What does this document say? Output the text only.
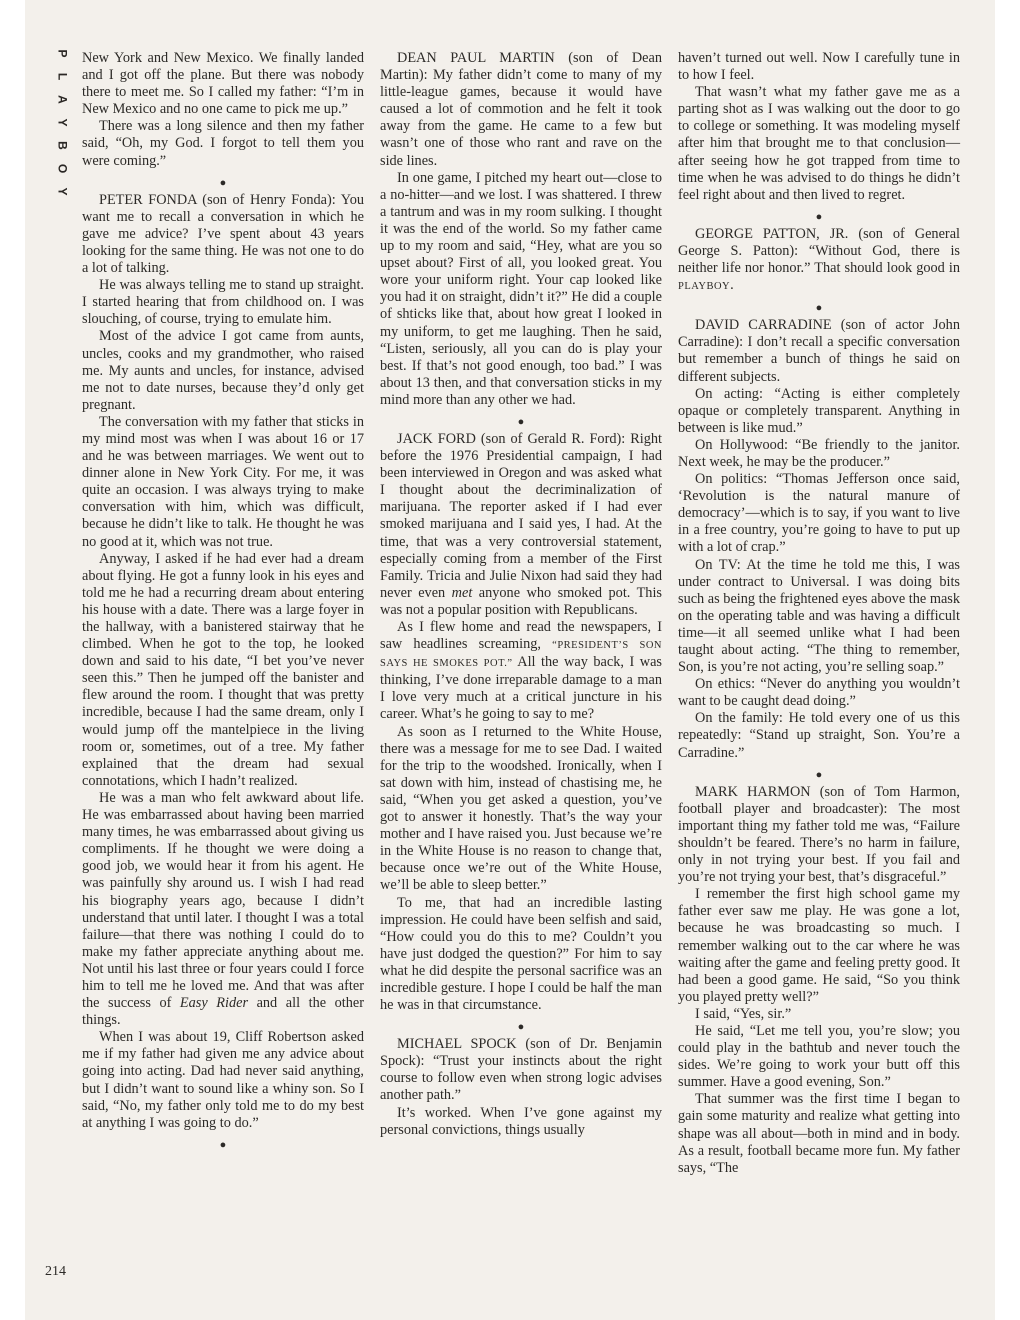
P
L
A
Y
B
O
Y

New York and New Mexico. We finally landed and I got off the plane. But there was nobody there to meet me. So I called my father: “I’m in New Mexico and no one came to pick me up.”

There was a long silence and then my father said, “Oh, my God. I forgot to tell them you were coming.”

●

PETER FONDA (son of Henry Fonda): You want me to recall a conversation in which he gave me advice? I’ve spent about 43 years looking for the same thing. He was not one to do a lot of talking.

He was always telling me to stand up straight. I started hearing that from childhood on. I was slouching, of course, trying to emulate him.

Most of the advice I got came from aunts, uncles, cooks and my grandmother, who raised me. My aunts and uncles, for instance, advised me not to date nurses, because they’d only get pregnant.

The conversation with my father that sticks in my mind most was when I was about 16 or 17 and he was between marriages. We went out to dinner alone in New York City. For me, it was quite an occasion. I was always trying to make conversation with him, which was difficult, because he didn’t like to talk. He thought he was no good at it, which was not true.

Anyway, I asked if he had ever had a dream about flying. He got a funny look in his eyes and told me he had a recurring dream about entering his house with a date. There was a large foyer in the hallway, with a banistered stairway that he climbed. When he got to the top, he looked down and said to his date, “I bet you’ve never seen this.” Then he jumped off the banister and flew around the room. I thought that was pretty incredible, because I had the same dream, only I would jump off the mantelpiece in the living room or, sometimes, out of a tree. My father explained that the dream had sexual connotations, which I hadn’t realized.

He was a man who felt awkward about life. He was embarrassed about having been married many times, he was embarrassed about giving us compliments. If he thought we were doing a good job, we would hear it from his agent. He was painfully shy around us. I wish I had read his biography years ago, because I didn’t understand that until later. I thought I was a total failure—that there was nothing I could do to make my father appreciate anything about me. Not until his last three or four years could I force him to tell me he loved me. And that was after the success of Easy Rider and all the other things.

When I was about 19, Cliff Robertson asked me if my father had given me any advice about going into acting. Dad had never said anything, but I didn’t want to sound like a whiny son. So I said, “No, my father only told me to do my best at anything I was going to do.”

●

DEAN PAUL MARTIN (son of Dean Martin): My father didn’t come to many of my little-league games, because it would have caused a lot of commotion and he felt it took away from the game. He came to a few but wasn’t one of those who rant and rave on the side lines.

In one game, I pitched my heart out—close to a no-hitter—and we lost. I was shattered. I threw a tantrum and was in my room sulking. I thought it was the end of the world. So my father came up to my room and said, “Hey, what are you so upset about? First of all, you looked great. You wore your uniform right. Your cap looked like you had it on straight, didn’t it?” He did a couple of shticks like that, about how great I looked in my uniform, to get me laughing. Then he said, “Listen, seriously, all you can do is play your best. If that’s not good enough, too bad.” I was about 13 then, and that conversation sticks in my mind more than any other we had.

●

JACK FORD (son of Gerald R. Ford): Right before the 1976 Presidential campaign, I had been interviewed in Oregon and was asked what I thought about the decriminalization of marijuana. The reporter asked if I had ever smoked marijuana and I said yes, I had. At the time, that was a very controversial statement, especially coming from a member of the First Family. Tricia and Julie Nixon had said they had never even met anyone who smoked pot. This was not a popular position with Republicans.

As I flew home and read the newspapers, I saw headlines screaming, “PRESIDENT’S SON SAYS HE SMOKES POT.” All the way back, I was thinking, I’ve done irreparable damage to a man I love very much at a critical juncture in his career. What’s he going to say to me?

As soon as I returned to the White House, there was a message for me to see Dad. I waited for the trip to the woodshed. Ironically, when I sat down with him, instead of chastising me, he said, “When you get asked a question, you’ve got to answer it honestly. That’s the way your mother and I have raised you. Just because we’re in the White House is no reason to change that, because once we’re out of the White House, we’ll be able to sleep better.”

To me, that had an incredible lasting impression. He could have been selfish and said, “How could you do this to me? Couldn’t you have just dodged the question?” For him to say what he did despite the personal sacrifice was an incredible gesture. I hope I could be half the man he was in that circumstance.

●

MICHAEL SPOCK (son of Dr. Benjamin Spock): “Trust your instincts about the right course to follow even when strong logic advises another path.”

It’s worked. When I’ve gone against my personal convictions, things usually

haven’t turned out well. Now I carefully tune in to how I feel.

That wasn’t what my father gave me as a parting shot as I was walking out the door to go to college or something. It was modeling myself after him that brought me to that conclusion—after seeing how he got trapped from time to time when he was advised to do things he didn’t feel right about and then lived to regret.

●

GEORGE PATTON, JR. (son of General George S. Patton): “Without God, there is neither life nor honor.” That should look good in PLAYBOY.

●

DAVID CARRADINE (son of actor John Carradine): I don’t recall a specific conversation but remember a bunch of things he said on different subjects.

On acting: “Acting is either completely opaque or completely transparent. Anything in between is like mud.”

On Hollywood: “Be friendly to the janitor. Next week, he may be the producer.”

On politics: “Thomas Jefferson once said, ‘Revolution is the natural manure of democracy’—which is to say, if you want to live in a free country, you’re going to have to put up with a lot of crap.”

On TV: At the time he told me this, I was under contract to Universal. I was doing bits such as being the frightened eyes above the mask on the operating table and was having a difficult time—it all seemed unlike what I had been taught about acting. “The thing to remember, Son, is you’re not acting, you’re selling soap.”

On ethics: “Never do anything you wouldn’t want to be caught dead doing.”

On the family: He told every one of us this repeatedly: “Stand up straight, Son. You’re a Carradine.”

●

MARK HARMON (son of Tom Harmon, football player and broadcaster): The most important thing my father told me was, “Failure shouldn’t be feared. There’s no harm in failure, only in not trying your best. If you fail and you’re not trying your best, that’s disgraceful.”

I remember the first high school game my father ever saw me play. He was gone a lot, because he was broadcasting so much. I remember walking out to the car where he was waiting after the game and feeling pretty good. It had been a good game. He said, “So you think you played pretty well?”

I said, “Yes, sir.”

He said, “Let me tell you, you’re slow; you could play in the bathtub and never touch the sides. We’re going to work your butt off this summer. Have a good evening, Son.”

That summer was the first time I began to gain some maturity and realize what getting into shape was all about—both in mind and in body. As a result, football became more fun. My father says, “The

214
